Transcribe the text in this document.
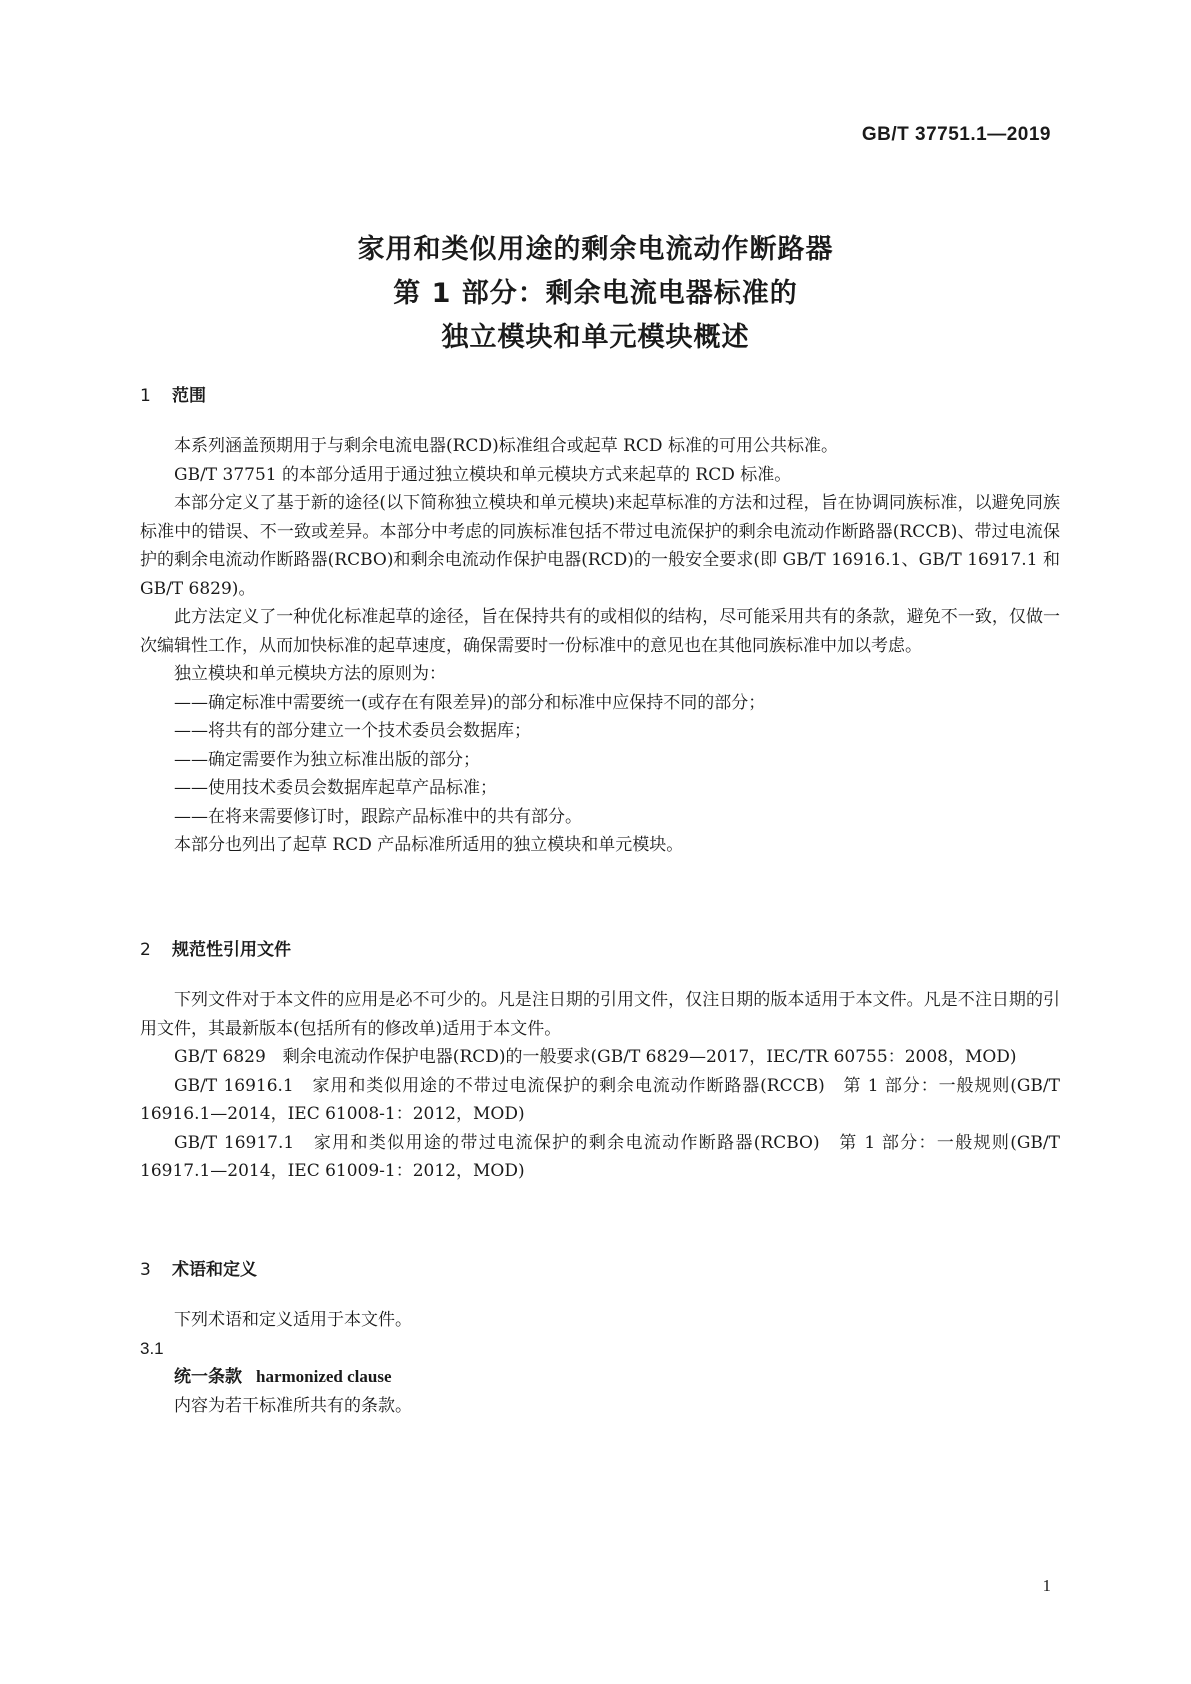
GB/T 37751.1—2019
家用和类似用途的剩余电流动作断路器
第 1 部分：剩余电流电器标准的
独立模块和单元模块概述
1 范围

本系列涵盖预期用于与剩余电流电器(RCD)标准组合或起草 RCD 标准的可用公共标准。

GB/T 37751 的本部分适用于通过独立模块和单元模块方式来起草的 RCD 标准。

本部分定义了基于新的途径(以下简称独立模块和单元模块)来起草标准的方法和过程，旨在协调同族标准，以避免同族标准中的错误、不一致或差异。本部分中考虑的同族标准包括不带过电流保护的剩余电流动作断路器(RCCB)、带过电流保护的剩余电流动作断路器(RCBO)和剩余电流动作保护电器(RCD)的一般安全要求(即 GB/T 16916.1、GB/T 16917.1 和 GB/T 6829)。

此方法定义了一种优化标准起草的途径，旨在保持共有的或相似的结构，尽可能采用共有的条款，避免不一致，仅做一次编辑性工作，从而加快标准的起草速度，确保需要时一份标准中的意见也在其他同族标准中加以考虑。

独立模块和单元模块方法的原则为：

——确定标准中需要统一(或存在有限差异)的部分和标准中应保持不同的部分；

——将共有的部分建立一个技术委员会数据库；

——确定需要作为独立标准出版的部分；

——使用技术委员会数据库起草产品标准；

——在将来需要修订时，跟踪产品标准中的共有部分。

本部分也列出了起草 RCD 产品标准所适用的独立模块和单元模块。

2 规范性引用文件

下列文件对于本文件的应用是必不可少的。凡是注日期的引用文件，仅注日期的版本适用于本文件。凡是不注日期的引用文件，其最新版本(包括所有的修改单)适用于本文件。

GB/T 6829　剩余电流动作保护电器(RCD)的一般要求(GB/T 6829—2017，IEC/TR 60755：2008，MOD)

GB/T 16916.1　家用和类似用途的不带过电流保护的剩余电流动作断路器(RCCB)　第 1 部分：一般规则(GB/T 16916.1—2014，IEC 61008-1：2012，MOD)

GB/T 16917.1　家用和类似用途的带过电流保护的剩余电流动作断路器(RCBO)　第 1 部分：一般规则(GB/T 16917.1—2014，IEC 61009-1：2012，MOD)

3 术语和定义

下列术语和定义适用于本文件。

3.1

统一条款 harmonized clause

内容为若干标准所共有的条款。

1
